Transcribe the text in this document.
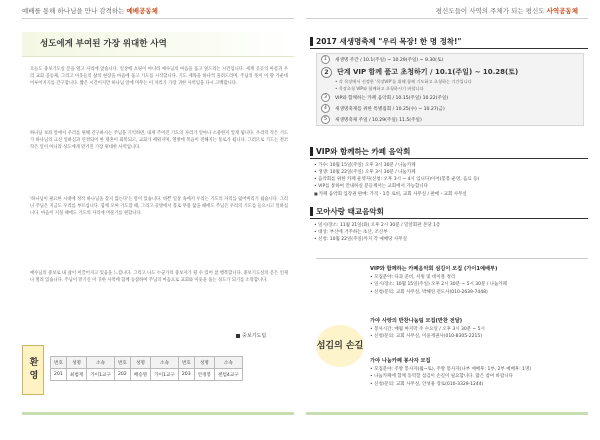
예배를 통해 하나님을 만나 감격하는 예배공동체
성도에게 부여된 가장 위대한 사역
오늘도 중보기도실 문을 열고 자리에 앉습니다. 일상에 쇼핑이 아니라 예수님의 마음을 품고 엎드리는 시간입니다. 세계 곳곳의 아픔과 우리 교회 공동체, 그리고 이웃들의 삶의 현장을 마음에 품고 기도를 시작합니다. 기도 제목을 하나씩 올려드리며, 주님의 뜻이 이 땅 가운데 이루어지기를 간구합니다. 짧은 시간이지만 하나님 앞에 머무는 이 자리가 가장 귀한 사역임을 다시 고백합니다.
하나님 보좌 앞에서 우리를 위해 간구하시는 주님을 기억하면, 내게 주어진 기도의 자리가 얼마나 소중한지 알게 됩니다. 우리의 작은 기도가 하나님의 크신 일하심과 연결되어 한 영혼이 회복되고, 교회가 세워지며, 열방에 복음이 전해지는 통로가 됩니다. 그러므로 기도는 결코 작은 일이 아니라 성도에게 맡겨진 가장 위대한 사역입니다.
'하나님이 필요한 시대에 정작 하나님을 찾지 않는다'는 말이 있습니다. 바쁜 일상 속에서 우리는 기도의 자리를 잃어버리기 쉽습니다. 그러나 주님은 지금도 우리를 부르십니다. 함께 모여 기도할 때, 그리고 골방에서 홀로 무릎 꿇을 때에도 주님은 우리의 기도를 들으시고 일하십니다. 마음이 지칠 때에도 기도의 자리에 머물기를 원합니다.
예수님의 중보로 내 삶이 이끌어지고 있음을 느낍니다. 그리고 나도 누군가의 중보자가 될 수 있어 참 행복합니다. 중보기도실의 문은 언제나 열려 있습니다. 주님이 맡기신 이 귀한 사역에 함께 동참하여 주님의 마음으로 교회와 이웃을 품는 성도가 되기를 소망합니다.
중보기도팀
환영	번호	성명	소속	번호	성명	소속	번호	성명	소속
201	최범재	가이1교구	202	배승명	가이1교구	203	안정봉	센텀4교구
평신도들이 사역의 주체가 되는 평신도 사역공동체
2017 새생명축제 "우리 목장! 한 명 정착!"
1	새생명 주간 / 10.1(주일) ~ 10.29(주일) ~ 9.30(토)
2	단계 VIP 함께 품고 초청하기 / 10.1(주일) ~ 10.28(토)
• 각 목장에서 선정한 '목장VIP'를 위해 함께 기도하고 초청하는 기간입니다
• 목장초청 VIP와 함께하고 초청하시기 바랍니다
3	VIP와 함께하는 카페 음악회 / 10.15(주일) 10.22(주일)
4	새생명축제를 위한 특별집회 / 10.25(수) ~ 10.27(금)
5	새생명축제 주일 / 10.29(주일) 11.5(주일)
VIP와 함께하는 카페 음악회
• 가수: 10월 15일(주일) 오후 3시 30분 / 나눔카페
• 생생: 10월 22일(주일) 오후 3시 30분 / 나눔카페
• 음악회를 위한 카페 운영자(신청: 오후 3시 ~ 4시 입니다)이어(봉봉 운영, 음료 등)
• VIP를 통하여 안내하실 분들께서는 교회에서 가능합니다
■ 카페 음악회 입장권 판매: 가격 - 1층 로비, 교회 사무실 / 판매 - 교회 사무실
모아사랑 태교음악회
• 일시/장소: 11월 21일(화) 오후 2시 30분 / 밀알회관 본당 1층
• 대상: 부산에 거주하는 초산, 조산부
• 신청: 10월 22일(주일)까지 각 예배당 사무실
섬김의 손길
VIP와 함께하는 카페음악회 섬김이 모집 (가이1예배부)
• 모집분야: 다과 준비, 서빙 및 데이블 정리
• 일시/장소: 10월 15일(주일) 오후 2시 30분 ~ 5시 30분 / 나눔카페
• 신청/문의: 교회 사무실, 박해연 전도사(010-2639-7448)
가야 사랑의 반찬나눔팀 모집(반찬 전달)
• 봉사시간: 매월 마지막 주 수요일 / 오후 3시 30분 ~ 5시
• 신청/문의: 교회 사무실, 이윤재권사(010-8305-2215)
가야 나눔카페 봉사자 모집
• 모집분야: 주방 봉사자(월~토), 주방 봉사자(나부 예배후: 1부, 2부 예배후: 1명)
• 나눔카페에 함께 동역할 섬김이 손길이 필요합니다. 많은 참여 바랍니다
• 신청/문의: 교회 사무실, 안성용 장로(010-3329-1244)
